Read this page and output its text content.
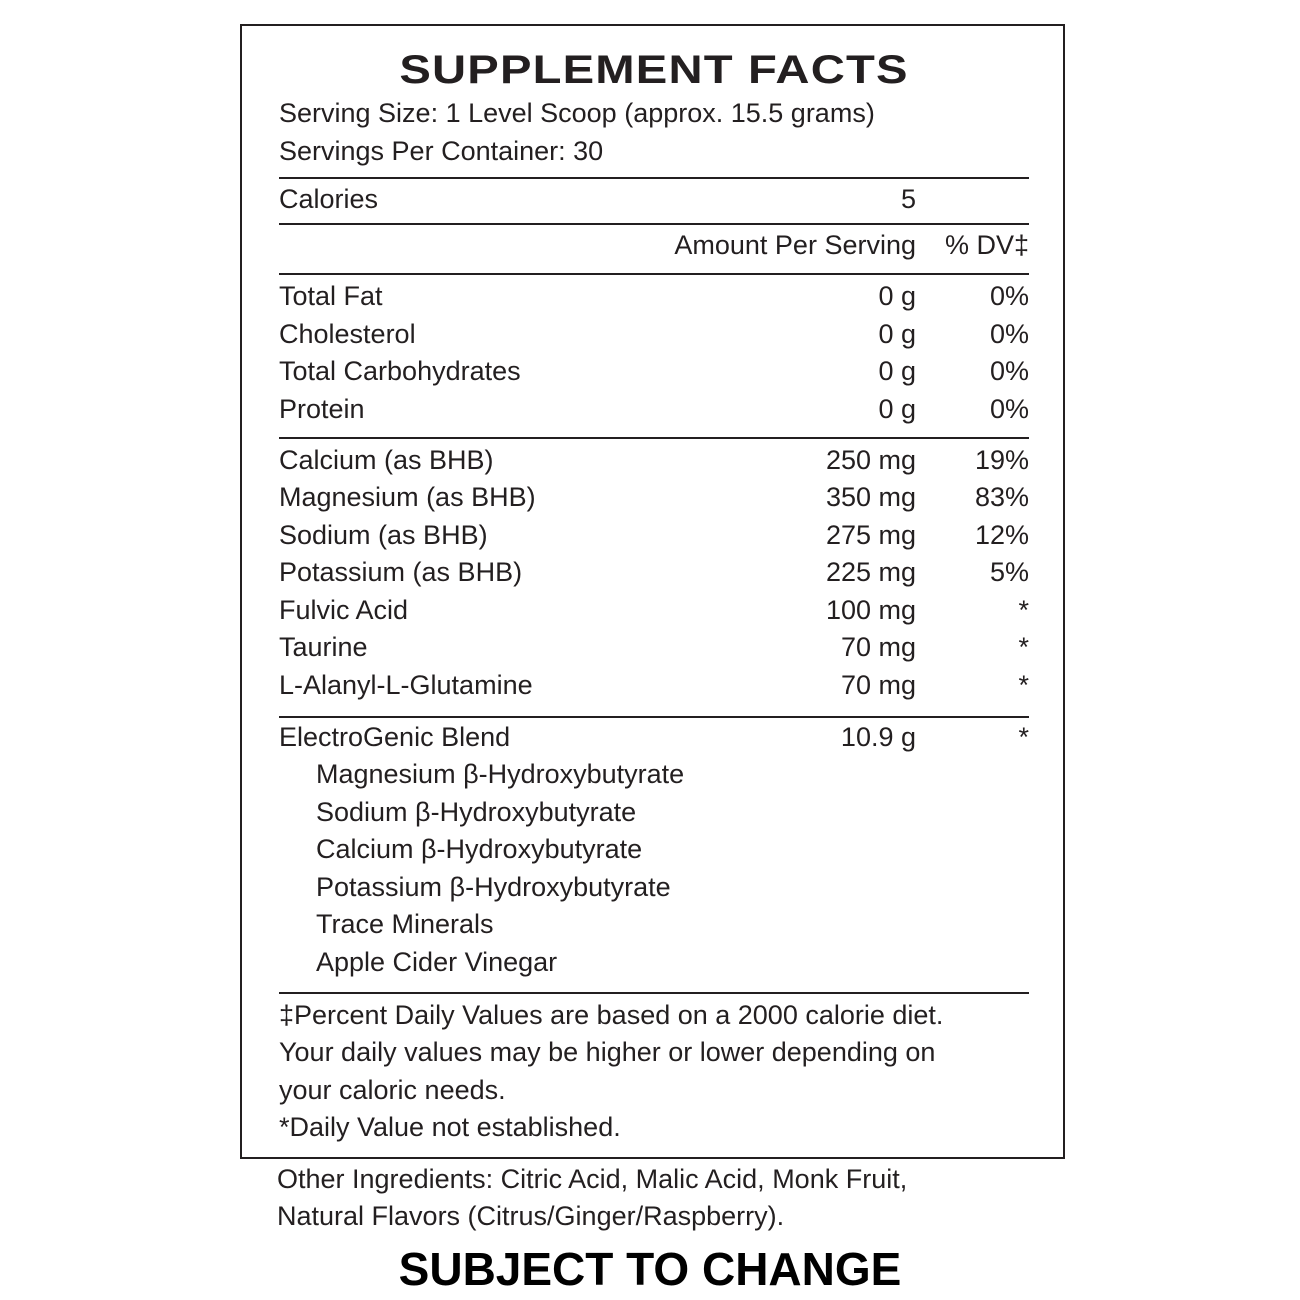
SUPPLEMENT FACTS
Serving Size: 1 Level Scoop (approx. 15.5 grams)
Servings Per Container: 30
Calories	5
Amount Per Serving % DV‡
Total Fat	0 g	0%
Cholesterol	0 g	0%
Total Carbohydrates	0 g	0%
Protein	0 g	0%
Calcium (as BHB)	250 mg 19%
Magnesium (as BHB)	350 mg 83%
Sodium (as BHB)	275 mg 12%
Potassium (as BHB)	225 mg	5%
Fulvic Acid	100 mg	*
Taurine	70 mg	*
L-Alanyl-L-Glutamine	70 mg	*
ElectroGenic Blend	10.9 g	*
Magnesium β-Hydroxybutyrate
Sodium β-Hydroxybutyrate
Calcium β-Hydroxybutyrate
Potassium β-Hydroxybutyrate
Trace Minerals
Apple Cider Vinegar
‡Percent Daily Values are based on a 2000 calorie diet.
Your daily values may be higher or lower depending on
your caloric needs.
*Daily Value not established.
Other Ingredients: Citric Acid, Malic Acid, Monk Fruit,
Natural Flavors (Citrus/Ginger/Raspberry).
SUBJECT TO CHANGE
